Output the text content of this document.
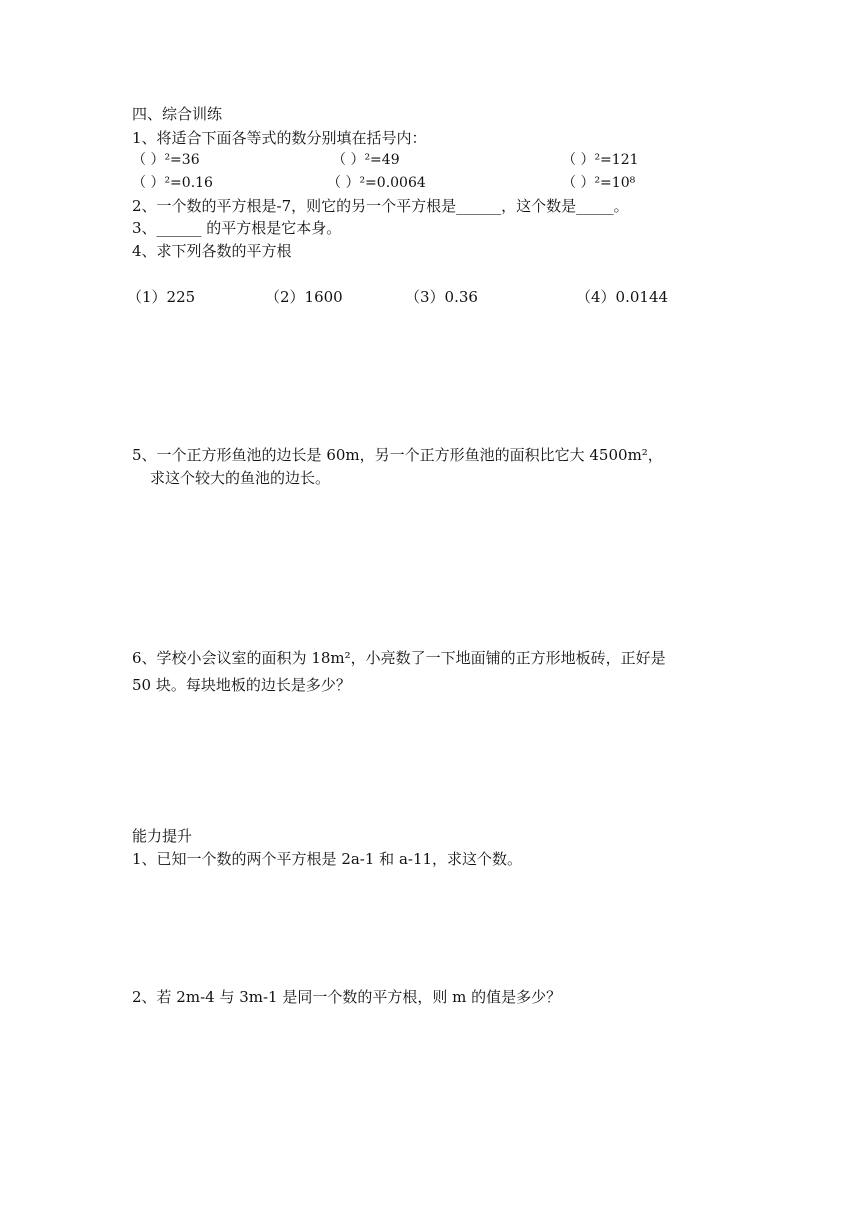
四、综合训练
1、将适合下面各等式的数分别填在括号内：
（ ）²=36	（ ）²=49	（ ）²=121
（ ）²=0.16	（ ）²=0.0064	（ ）²=10⁸
2、一个数的平方根是-7，则它的另一个平方根是______，这个数是_____。
3、______ 的平方根是它本身。
4、求下列各数的平方根
（1）225	（2）1600	（3）0.36	（4）0.0144
5、一个正方形鱼池的边长是 60m，另一个正方形鱼池的面积比它大 4500m²，
求这个较大的鱼池的边长。
6、学校小会议室的面积为 18m²，小亮数了一下地面铺的正方形地板砖，正好是
50 块。每块地板的边长是多少？
能力提升
1、已知一个数的两个平方根是 2a-1 和 a-11，求这个数。
2、若 2m-4 与 3m-1 是同一个数的平方根，则 m 的值是多少？
